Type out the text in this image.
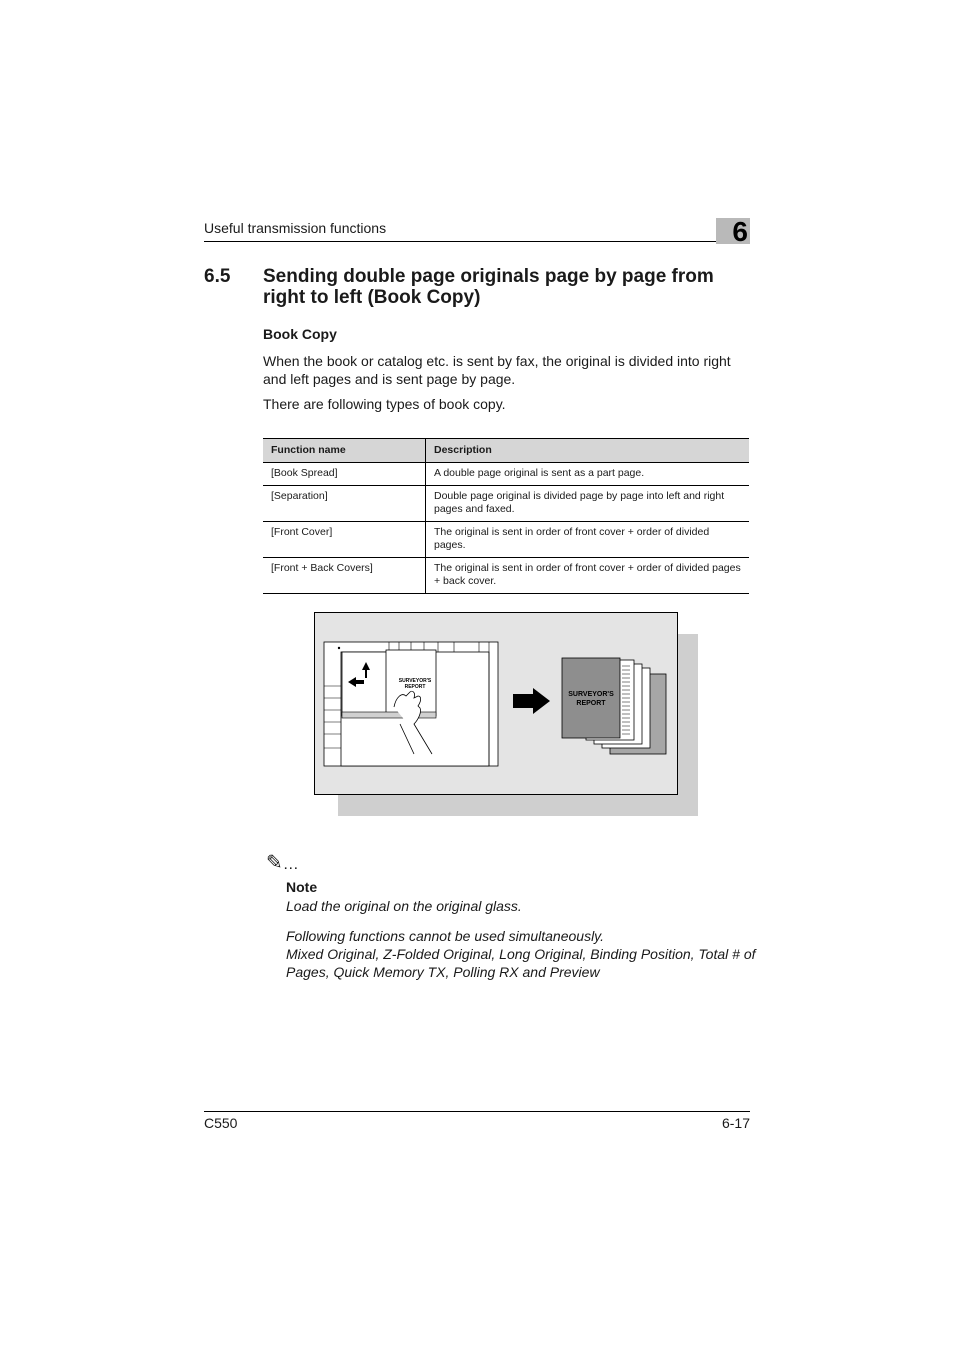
Useful transmission functions	6
6.5 Sending double page originals page by page from right to left (Book Copy)
Book Copy
When the book or catalog etc. is sent by fax, the original is divided into right and left pages and is sent page by page.
There are following types of book copy.
Function name	Description
[Book Spread]	A double page original is sent as a part page.
[Separation]	Double page original is divided page by page into left and right pages and faxed.
[Front Cover]	The original is sent in order of front cover + order of divided pages.
[Front + Back Covers]	The original is sent in order of front cover + order of divided pages + back cover.
SURVEYOR'S
REPORT
SURVEYOR'S
REPORT
✎…
Note
Load the original on the original glass.
Following functions cannot be used simultaneously.
Mixed Original, Z-Folded Original, Long Original, Binding Position, Total # of Pages, Quick Memory TX, Polling RX and Preview
C550	6-17
